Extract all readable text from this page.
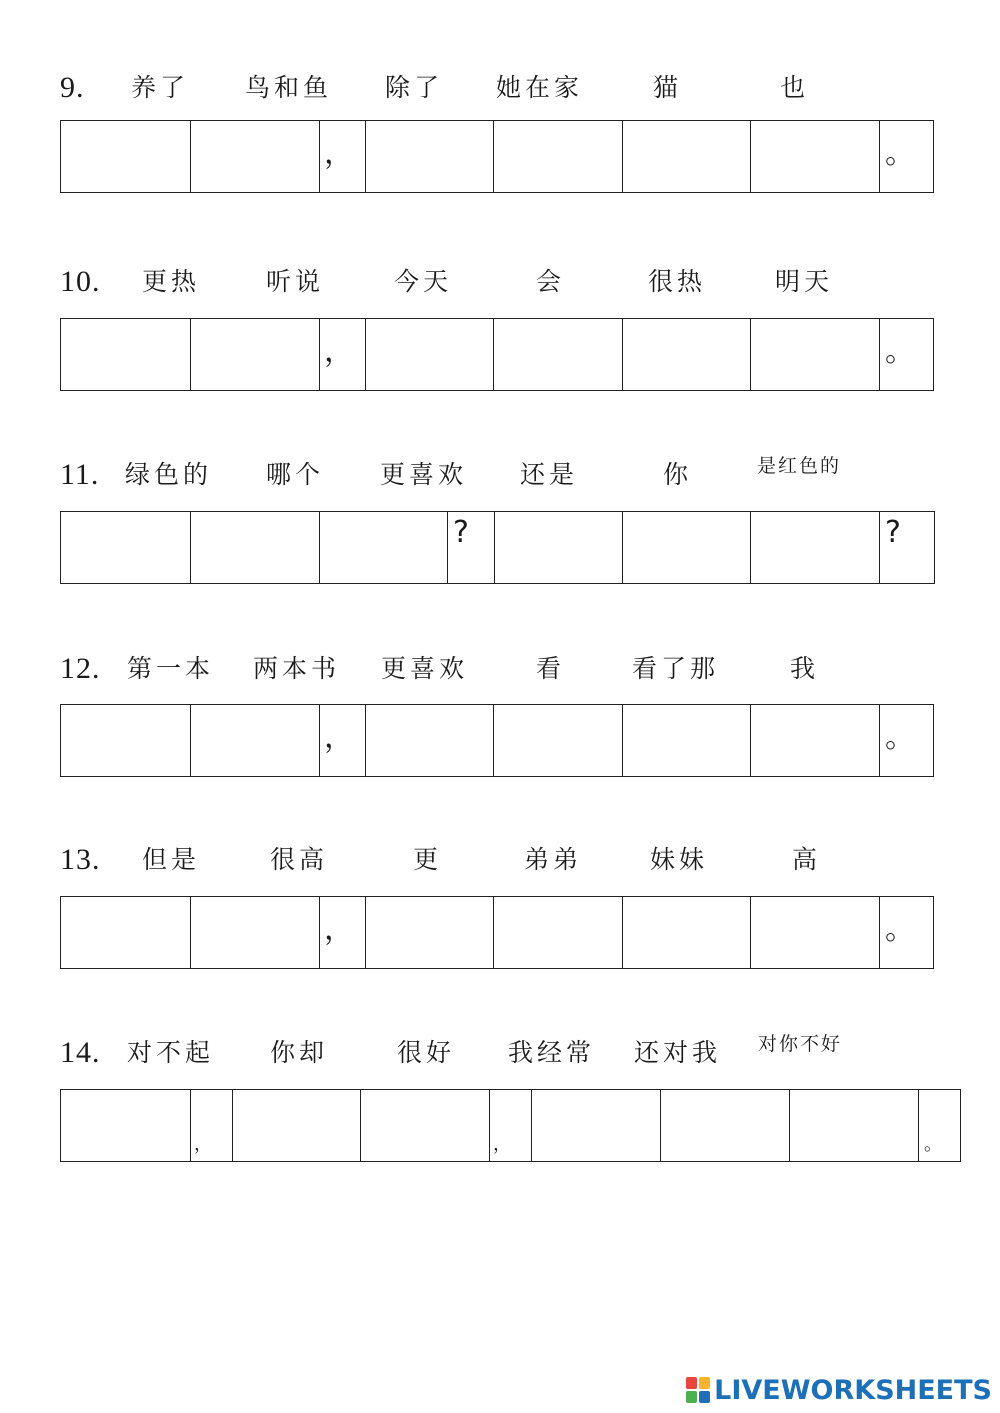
9. 养了 鸟和鱼 除了 她在家	猫	也
，	。
10. 更热	听说	今天	会	很热	明天
，	。
11. 绿色的 哪个 更喜欢 还是	你	是红色的
?	?
12. 第一本 两本书 更喜欢	看	看了那	我
，	。
13. 但是	很高	更	弟弟	妹妹	高
，	。
14. 对不起 你却	很好 我经常 还对我 对你不好
，	，	。
LIVEWORKSHEETS
